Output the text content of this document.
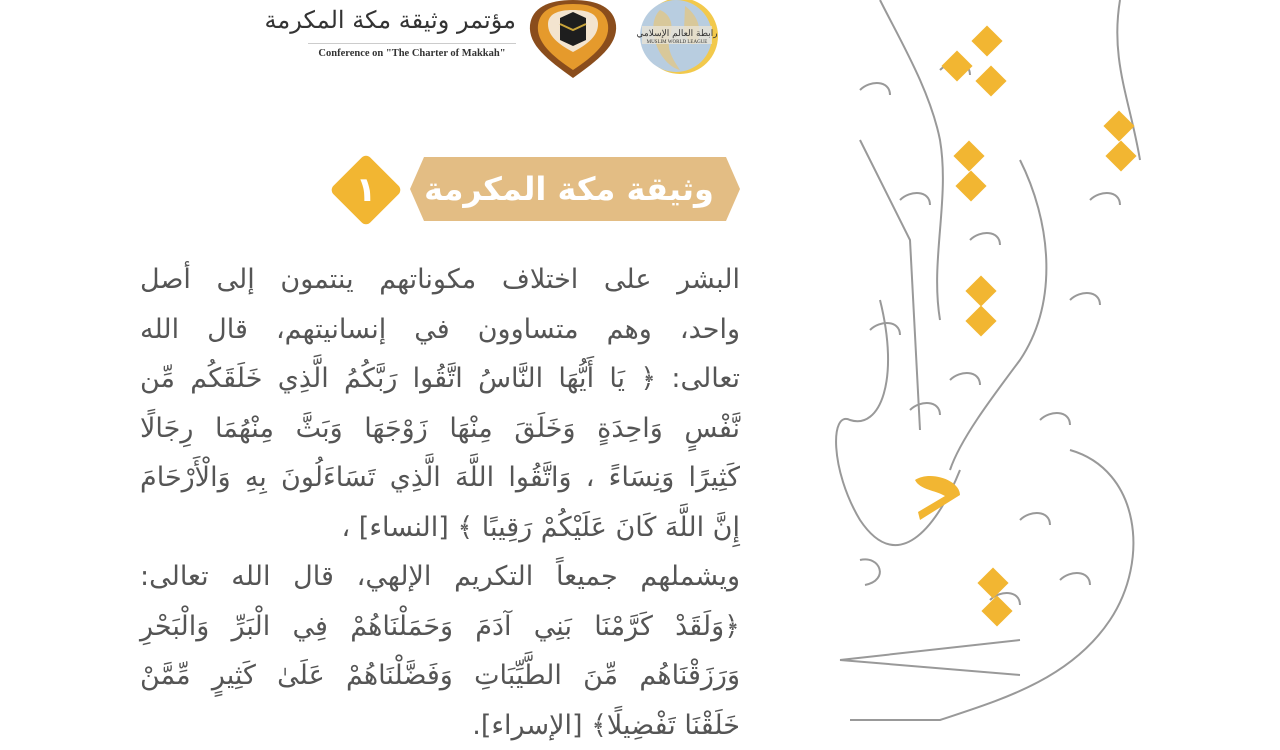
مؤتمر وثيقة مكة المكرمة
Conference on "The Charter of Makkah"
رابطة العالم الإسلامي
MUSLIM WORLD LEAGUE
وثيقة مكة المكرمة
١
البشر على اختلاف مكوناتهم ينتمون إلى أصل
واحد، وهم متساوون في إنسانيتهم، قال الله
تعالى: ﴿ يَا أَيُّهَا النَّاسُ اتَّقُوا رَبَّكُمُ الَّذِي خَلَقَكُم مِّن
نَّفْسٍ وَاحِدَةٍ وَخَلَقَ مِنْهَا زَوْجَهَا وَبَثَّ مِنْهُمَا رِجَالًا
كَثِيرًا وَنِسَاءً ، وَاتَّقُوا اللَّهَ الَّذِي تَسَاءَلُونَ بِهِ وَالْأَرْحَامَ
إِنَّ اللَّهَ كَانَ عَلَيْكُمْ رَقِيبًا ﴾ [النساء] ،
ويشملهم جميعاً التكريم الإلهي، قال الله تعالى:
﴿وَلَقَدْ كَرَّمْنَا بَنِي آدَمَ وَحَمَلْنَاهُمْ فِي الْبَرِّ وَالْبَحْرِ
وَرَزَقْنَاهُم مِّنَ الطَّيِّبَاتِ وَفَضَّلْنَاهُمْ عَلَىٰ كَثِيرٍ مِّمَّنْ
خَلَقْنَا تَفْضِيلًا﴾ [الإسراء].
